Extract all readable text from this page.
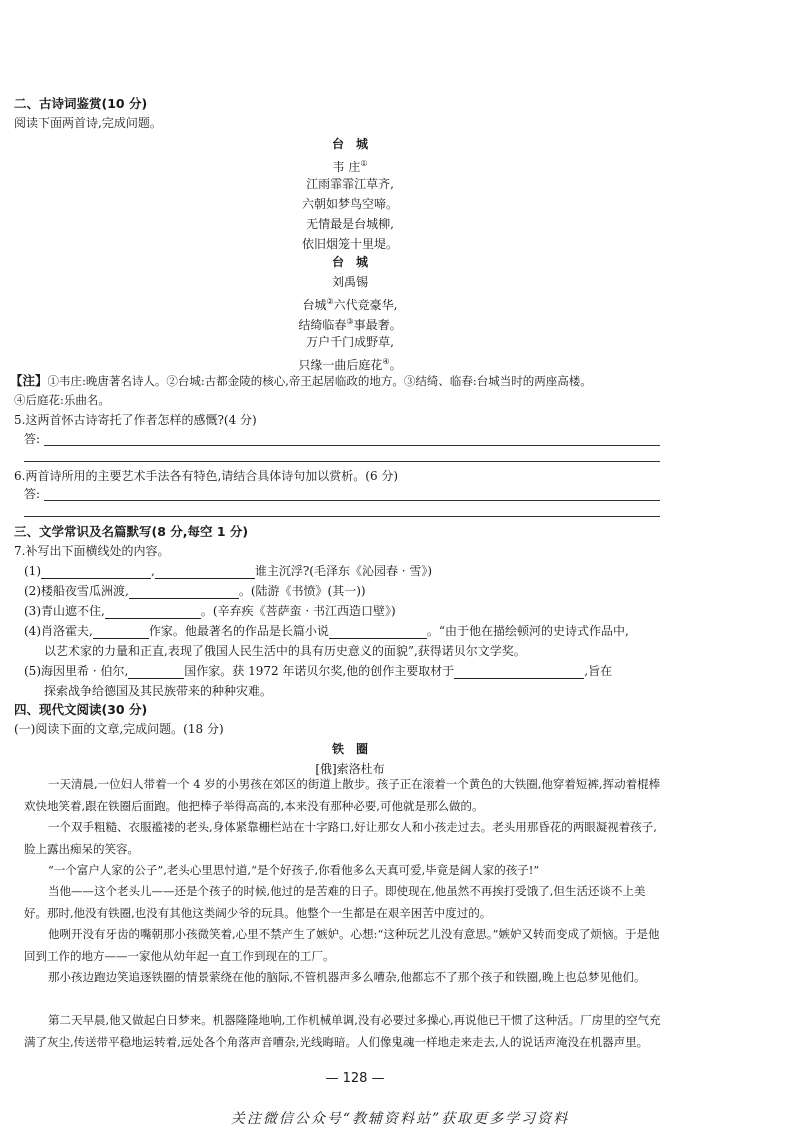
二、古诗词鉴赏(10 分)
阅读下面两首诗,完成问题。
台　城
韦 庄①
江雨霏霏江草齐,
六朝如梦鸟空啼。
无情最是台城柳,
依旧烟笼十里堤。
台　城
刘禹锡
台城②六代竞豪华,
结绮临春③事最奢。
万户千门成野草,
只缘一曲后庭花④。
【注】①韦庄:晚唐著名诗人。②台城:古都金陵的核心,帝王起居临政的地方。③结绮、临春:台城当时的两座高楼。
④后庭花:乐曲名。
5.这两首怀古诗寄托了作者怎样的感慨?(4 分)
答:
6.两首诗所用的主要艺术手法各有特色,请结合具体诗句加以赏析。(6 分)
答:
三、文学常识及名篇默写(8 分,每空 1 分)
7.补写出下面横线处的内容。
(1)	,	谁主沉浮?(毛泽东《沁园春 · 雪》)
(2)楼船夜雪瓜洲渡,	。(陆游《书愤》(其一))
(3)青山遮不住,	。(辛弃疾《菩萨蛮 · 书江西造口壁》)
(4)肖洛霍夫,	作家。他最著名的作品是长篇小说	。“由于他在描绘顿河的史诗式作品中,
以艺术家的力量和正直,表现了俄国人民生活中的具有历史意义的面貌”,获得诺贝尔文学奖。
(5)海因里希 · 伯尔,	国作家。获 1972 年诺贝尔奖,他的创作主要取材于	,旨在
探索战争给德国及其民族带来的种种灾难。
四、现代文阅读(30 分)
(一)阅读下面的文章,完成问题。(18 分)
铁　圈
[俄]索洛杜布
一天清晨,一位妇人带着一个 4 岁的小男孩在郊区的街道上散步。孩子正在滚着一个黄色的大铁圈,他穿着短裤,挥动着棍棒欢快地笑着,跟在铁圈后面跑。他把棒子举得高高的,本来没有那种必要,可他就是那么做的。
一个双手粗糙、衣服褴褛的老头,身体紧靠栅栏站在十字路口,好让那女人和小孩走过去。老头用那昏花的两眼凝视着孩子,脸上露出痴呆的笑容。
“一个富户人家的公子”,老头心里思忖道,“是个好孩子,你看他多么天真可爱,毕竟是阔人家的孩子!”
当他——这个老头儿——还是个孩子的时候,他过的是苦难的日子。即使现在,他虽然不再挨打受饿了,但生活还谈不上美好。那时,他没有铁圈,也没有其他这类阔少爷的玩具。他整个一生都是在艰辛困苦中度过的。
他咧开没有牙齿的嘴朝那小孩微笑着,心里不禁产生了嫉妒。心想:“这种玩艺儿没有意思。”嫉妒又转而变成了烦恼。于是他回到工作的地方——一家他从幼年起一直工作到现在的工厂。
那小孩边跑边笑追逐铁圈的情景萦绕在他的脑际,不管机器声多么嘈杂,他都忘不了那个孩子和铁圈,晚上也总梦见他们。
第二天早晨,他又做起白日梦来。机器隆隆地响,工作机械单调,没有必要过多操心,再说他已干惯了这种活。厂房里的空气充满了灰尘,传送带平稳地运转着,远处各个角落声音嘈杂,光线晦暗。人们像鬼魂一样地走来走去,人的说话声淹没在机器声里。
— 128 —
关注微信公众号“教辅资料站”获取更多学习资料
